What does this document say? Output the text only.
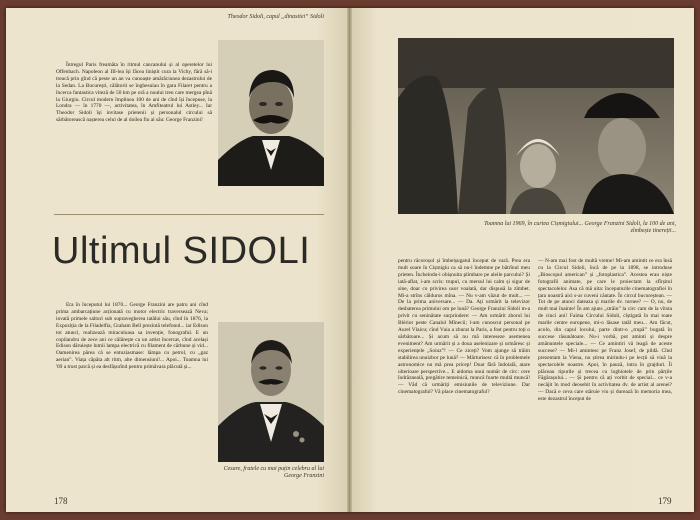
Theodor Sidoli, capul „dinastiei” Sidoli
Întregul Paris freamăta în ritmul cancanului și al operetelor lui Offenbach. Napoleon al III-lea își făcea liniștit cura la Vichy, fără să-i treacă prin gînd că peste un an va cunoaște amărăciunea dezastrului de la Sedan. La București, călătorii se înghesuiau în gara Filaret pentru a încerca fantastica viteză de 50 km pe oră a noului tren care mergea pînă la Giurgiu. Circul modern împlinea 100 de ani de cînd își începuse, la Londra — în 1770 —, activitatea, în Amfiteatrul lui Astley... Iar Theodor Sidoli își invitase prietenii și personalul circului să sărbătorească nașterea celui de al doilea fiu al său: George Franzini!
Ultimul SIDOLI
Era în începutul lui 1870... George Franzini are patru ani cînd prima ambarcațiune acționată cu motor electric traversează Neva; invată primele salturi sub supravegherea tatălui său, cînd în 1876, la Expoziția de la Filadelfia, Graham Bell prezintă telefonul... iar Edison tot atunci, realizează miraculoasa sa invenție, fonograful. E un copilandru de zece ani ce călărește ca un artist încercat, cînd același Edison dăruiește lumii lampa electrică cu filament de cărbune și vid... Oamenirea părea că se entuziasmase: lămpa cu petrol, cu „gaz aerian”. Viața căpăta alt ritm, alte dimensiuni!... Apoi... Toamna lui '69 a trust parcă și ea desfășurînd pentru primăvara plăcută și...
Cesare, fratele cu mai puțin celebru al lui George Franzini
178
Toamna lui 1969, în curtea Cișmigiului... George Franzini Sidoli, la 100 de ani, zîmbește tinereții...
pentru răcoroșul și îmbelșugatul început de vară. Prea era mult soare în Cișmigiu ca să nu-l îndemne pe bătrînul meu prieten. Încheindu-i obișnuita plimbare pe aleile parcului? Și iată-aflat, i-am scris: trupul, cu mersul lui calm și sigur de sine, doar cu privirea usor voalată, dar dispusă la zîmbet. Mi-a strîns călduros mîna. — Nu v-am văzut de mult... — De la prima aniversare... — Da. Ați urmărit la televizor desbaterea primului om pe lună? George Franzini Sidoli m-a privit cu seninătate surprindere: — Am urmărit zborul lui Blériot peste Canalul Mînecii; l-am cunoscut personal pe Aurel Vlaicu; cînd Vuia a zburat la Paris, a fost pentru toți o sărbătoare... Și acum să nu mă intereseze asemenea eveniment? Am urmărit și a doua aselenizare și urmăresc și experiențele „Soiuz”! — Ce ziceți? Vom ajunge să trăim stabilirea unuizbor pe lună? — Mărturisesc că în problemele astronomice nu mă prea pricep! Doar fără îndoială, atare ulterioare perspective... E aidoma unui număr de circ: cere îndrăzneală, pregătire temeinică, muncă foarte multă muncă! — Văd că urmăriți emisiunile de televiziune. Dar cinematograful? Vă place cinematograful?
— N-am mai fost de multă vreme! Mi-am amintit ce era însă cu la Circul Sidoli, încă de pe la 1898, se introduse „Bioscopul american” și „fotoplastica”. Acestea erau niște fotografii animate, pe care le proiectam la sfîrșitul spectacolelor. Asa că mă uita: începuturile cinematografiei în țara noastră aici s-ar cuveni căutate. În circul bucureștean. — Tot de pe atunci dateaza și marile dv. turnee? — O, nu, de mult mai înainte! În am ajuns „străin” la circ cam de la vîrsta de cinci ani! Faima Circului Sidoli, cîștigată în mai toate marile centre europene, mi-o lăsase tatăl meu... Am făcut, acolo, din capul locului, parte dintr-o „trupă” bogată în succese răsunătoare. Nu-i vorbă, pot aminti și despre amănuntele speciale... — Ce amintiri vă leagă de aceste succese? — Mi-l amintesc pe Franz Josef, de pildă. Cînd prezentam la Viena, nu știrea mirindu-i pe lecții să vină la spectacolele noastre. Apoi, în pauză, intra în grajduri. Îi plăceau tipurile și trecea cu loghiotele de prin părțile Făgărașului... — Și pentru că ați vorbit de special... ce v-a necăjit în mod deosebit în activitatea dv. de artist al arenei? — Dacă e ceva care stăruie viu și durează în memoria mea, este dezastrul început de
179
